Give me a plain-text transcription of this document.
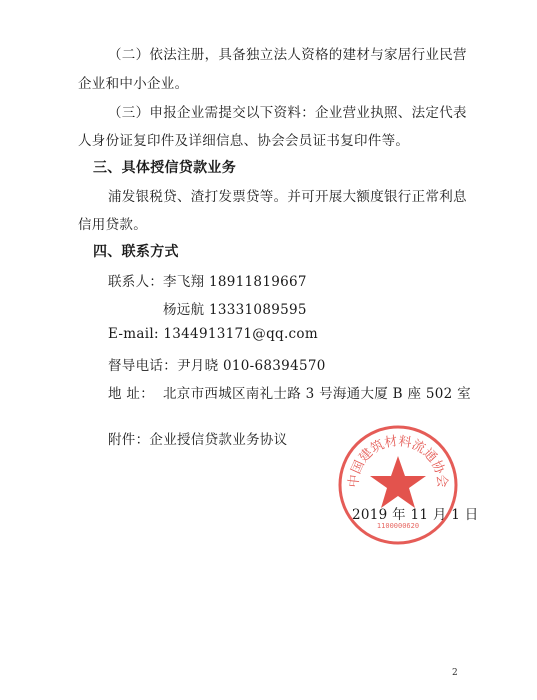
（二）依法注册，具备独立法人资格的建材与家居行业民营
企业和中小企业。
（三）申报企业需提交以下资料：企业营业执照、法定代表
人身份证复印件及详细信息、协会会员证书复印件等。
三、具体授信贷款业务
浦发银税贷、渣打发票贷等。并可开展大额度银行正常利息
信用贷款。
四、联系方式
联系人： 李飞翔 18911819667
杨远航 13331089595
E-mail: 1344913171@qq.com
督导电话：尹月晓 010-68394570
地 址： 北京市西城区南礼士路 3 号海通大厦 B 座 502 室
附件：企业授信贷款业务协议
2019 年 11 月 1 日
中国建筑材料流通协会
1100000620
2
